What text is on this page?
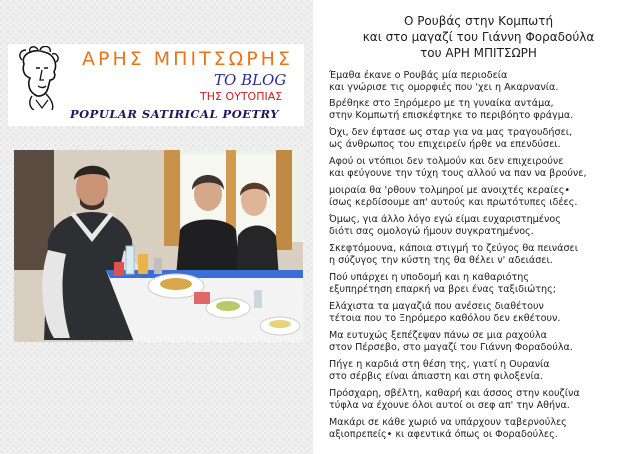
ΑΡΗΣ ΜΠΙΤΣΩΡΗΣ
ΤΟ BLOG
ΤΗΣ ΟΥΤΟΠΙΑΣ
POPULAR SATIRICAL POETRY
Ο Ρουβάς στην Κομπωτή
και στο μαγαζί του Γιάννη Φοραδούλα
του ΑΡΗ ΜΠΙΤΣΩΡΗ
Έμαθα έκανε ο Ρουβάς μία περιοδεία
και γνώρισε τις ομορφιές που 'χει η Ακαρνανία.
Βρέθηκε στο Ξηρόμερο με τη γυναίκα αντάμα,
στην Κομπωτή επισκέφτηκε το περιβόητο φράγμα.
Όχι, δεν έφτασε ως σταρ για να μας τραγουδήσει,
ως άνθρωπος του επιχειρείν ήρθε να επενδύσει.
Αφού οι ντόπιοι δεν τολμούν και δεν επιχειρούνε
και φεύγουνε την τύχη τους αλλού να παν να βρούνε,
μοιραία θα 'ρθουν τολμηροί με ανοιχτές κεραίες•
ίσως κερδίσουμε απ' αυτούς και πρωτότυπες ιδέες.
Όμως, για άλλο λόγο εγώ είμαι ευχαριστημένος
διότι σας ομολογώ ήμουν συγκρατημένος.
Σκεφτόμουνα, κάποια στιγμή το ζεύγος θα πεινάσει
η σύζυγος την κύστη της θα θέλει ν' αδειάσει.
Πού υπάρχει η υποδομή και η καθαριότης
εξυπηρέτηση επαρκή να βρει ένας ταξιδιώτης;
Ελάχιστα τα μαγαζιά που ανέσεις διαθέτουν
τέτοια που το Ξηρόμερο καθόλου δεν εκθέτουν.
Μα ευτυχώς ξεπέζεψαν πάνω σε μια ραχούλα
στον Πέρσεβο, στο μαγαζί του Γιάννη Φοραδούλα.
Πήγε η καρδιά στη θέση της, γιατί η Ουρανία
στο σέρβις είναι άπιαστη και στη φιλοξενία.
Πρόσχαρη, σβέλτη, καθαρή και άσσος στην κουζίνα
τύφλα να έχουνε όλοι αυτοί οι σεφ απ' την Αθήνα.
Μακάρι σε κάθε χωριό να υπάρχουν ταβερνούλες
αξιοπρεπείς• κι αφεντικά όπως οι Φοραδούλες.
